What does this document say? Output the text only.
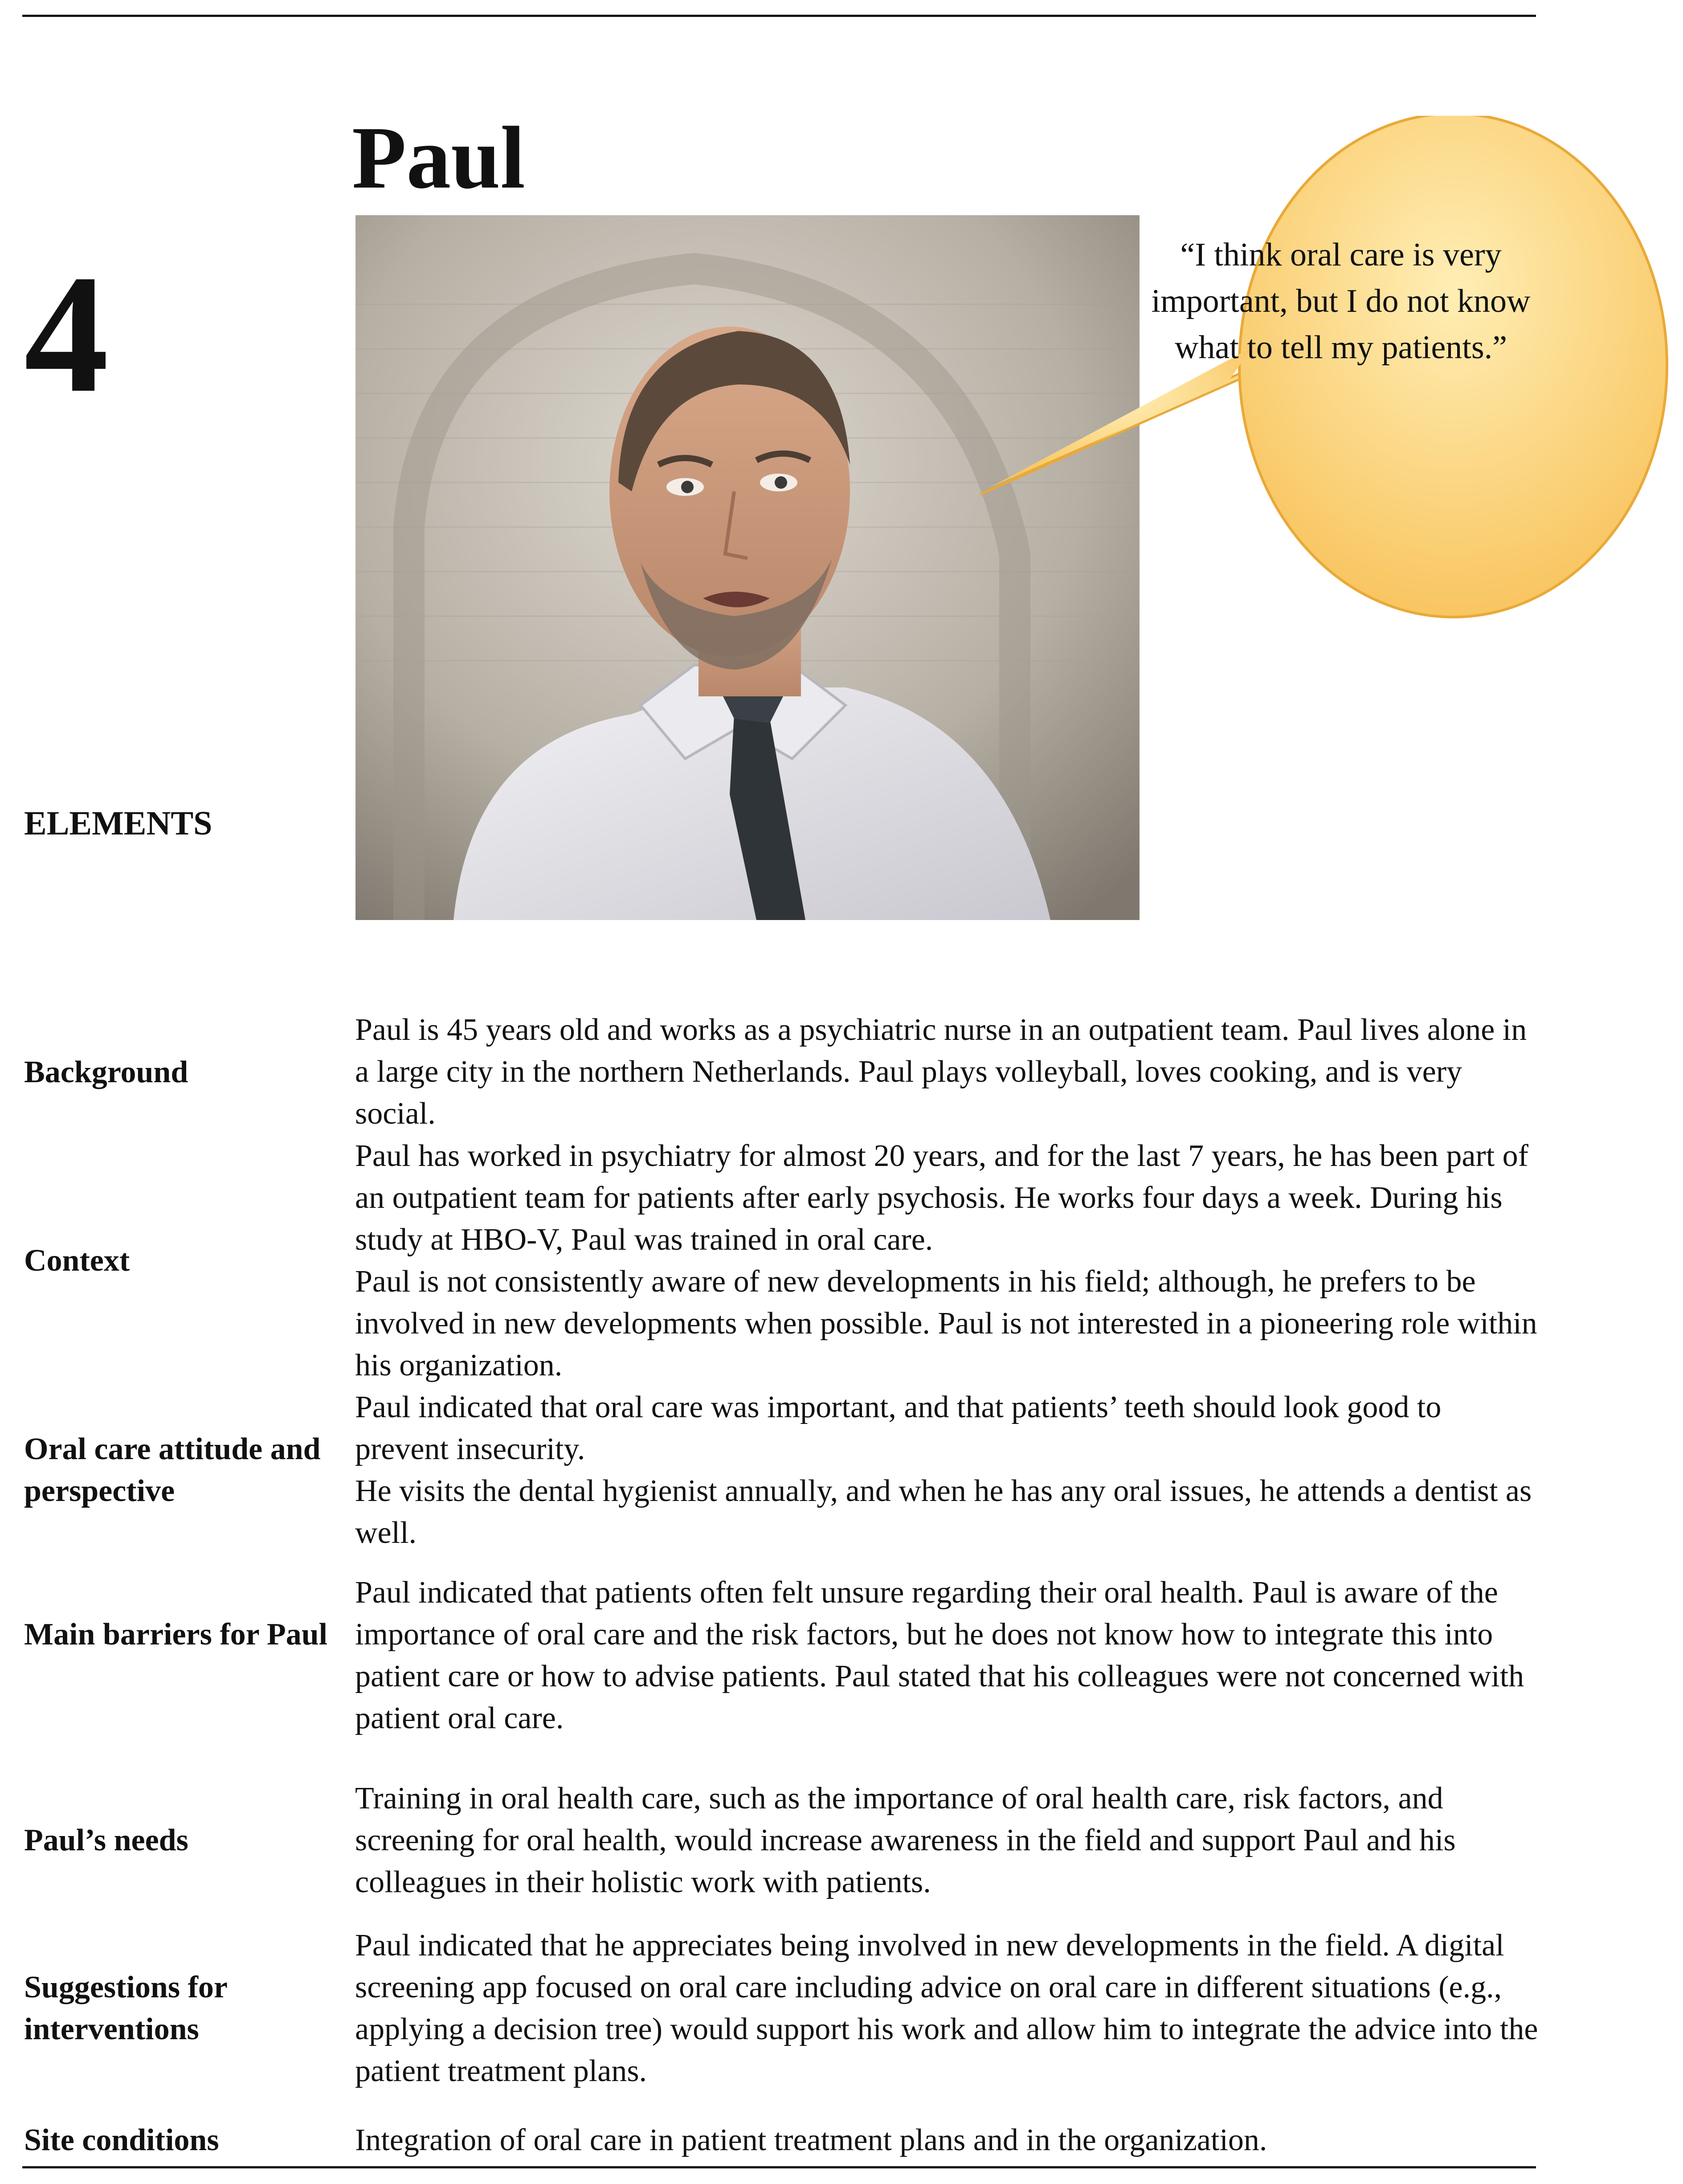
4
Paul
“I think oral care is very important, but I do not know what to tell my patients.”
ELEMENTS
Background

Paul is 45 years old and works as a psychiatric nurse in an outpatient team. Paul lives alone in a large city in the northern Netherlands. Paul plays volleyball, loves cooking, and is very social.

Context

Paul has worked in psychiatry for almost 20 years, and for the last 7 years, he has been part of an outpatient team for patients after early psychosis. He works four days a week. During his study at HBO-V, Paul was trained in oral care.

Paul is not consistently aware of new developments in his field; although, he prefers to be involved in new developments when possible. Paul is not interested in a pioneering role within his organization.

Oral care attitude and perspective

Paul indicated that oral care was important, and that patients’ teeth should look good to prevent insecurity.

He visits the dental hygienist annually, and when he has any oral issues, he attends a dentist as well.

Main barriers for Paul

Paul indicated that patients often felt unsure regarding their oral health. Paul is aware of the importance of oral care and the risk factors, but he does not know how to integrate this into patient care or how to advise patients. Paul stated that his colleagues were not concerned with patient oral care.

Paul’s needs

Training in oral health care, such as the importance of oral health care, risk factors, and screening for oral health, would increase awareness in the field and support Paul and his colleagues in their holistic work with patients.

Suggestions for interventions

Paul indicated that he appreciates being involved in new developments in the field. A digital screening app focused on oral care including advice on oral care in different situations (e.g., applying a decision tree) would support his work and allow him to integrate the advice into the patient treatment plans.

Site conditions	Integration of oral care in patient treatment plans and in the organization.
